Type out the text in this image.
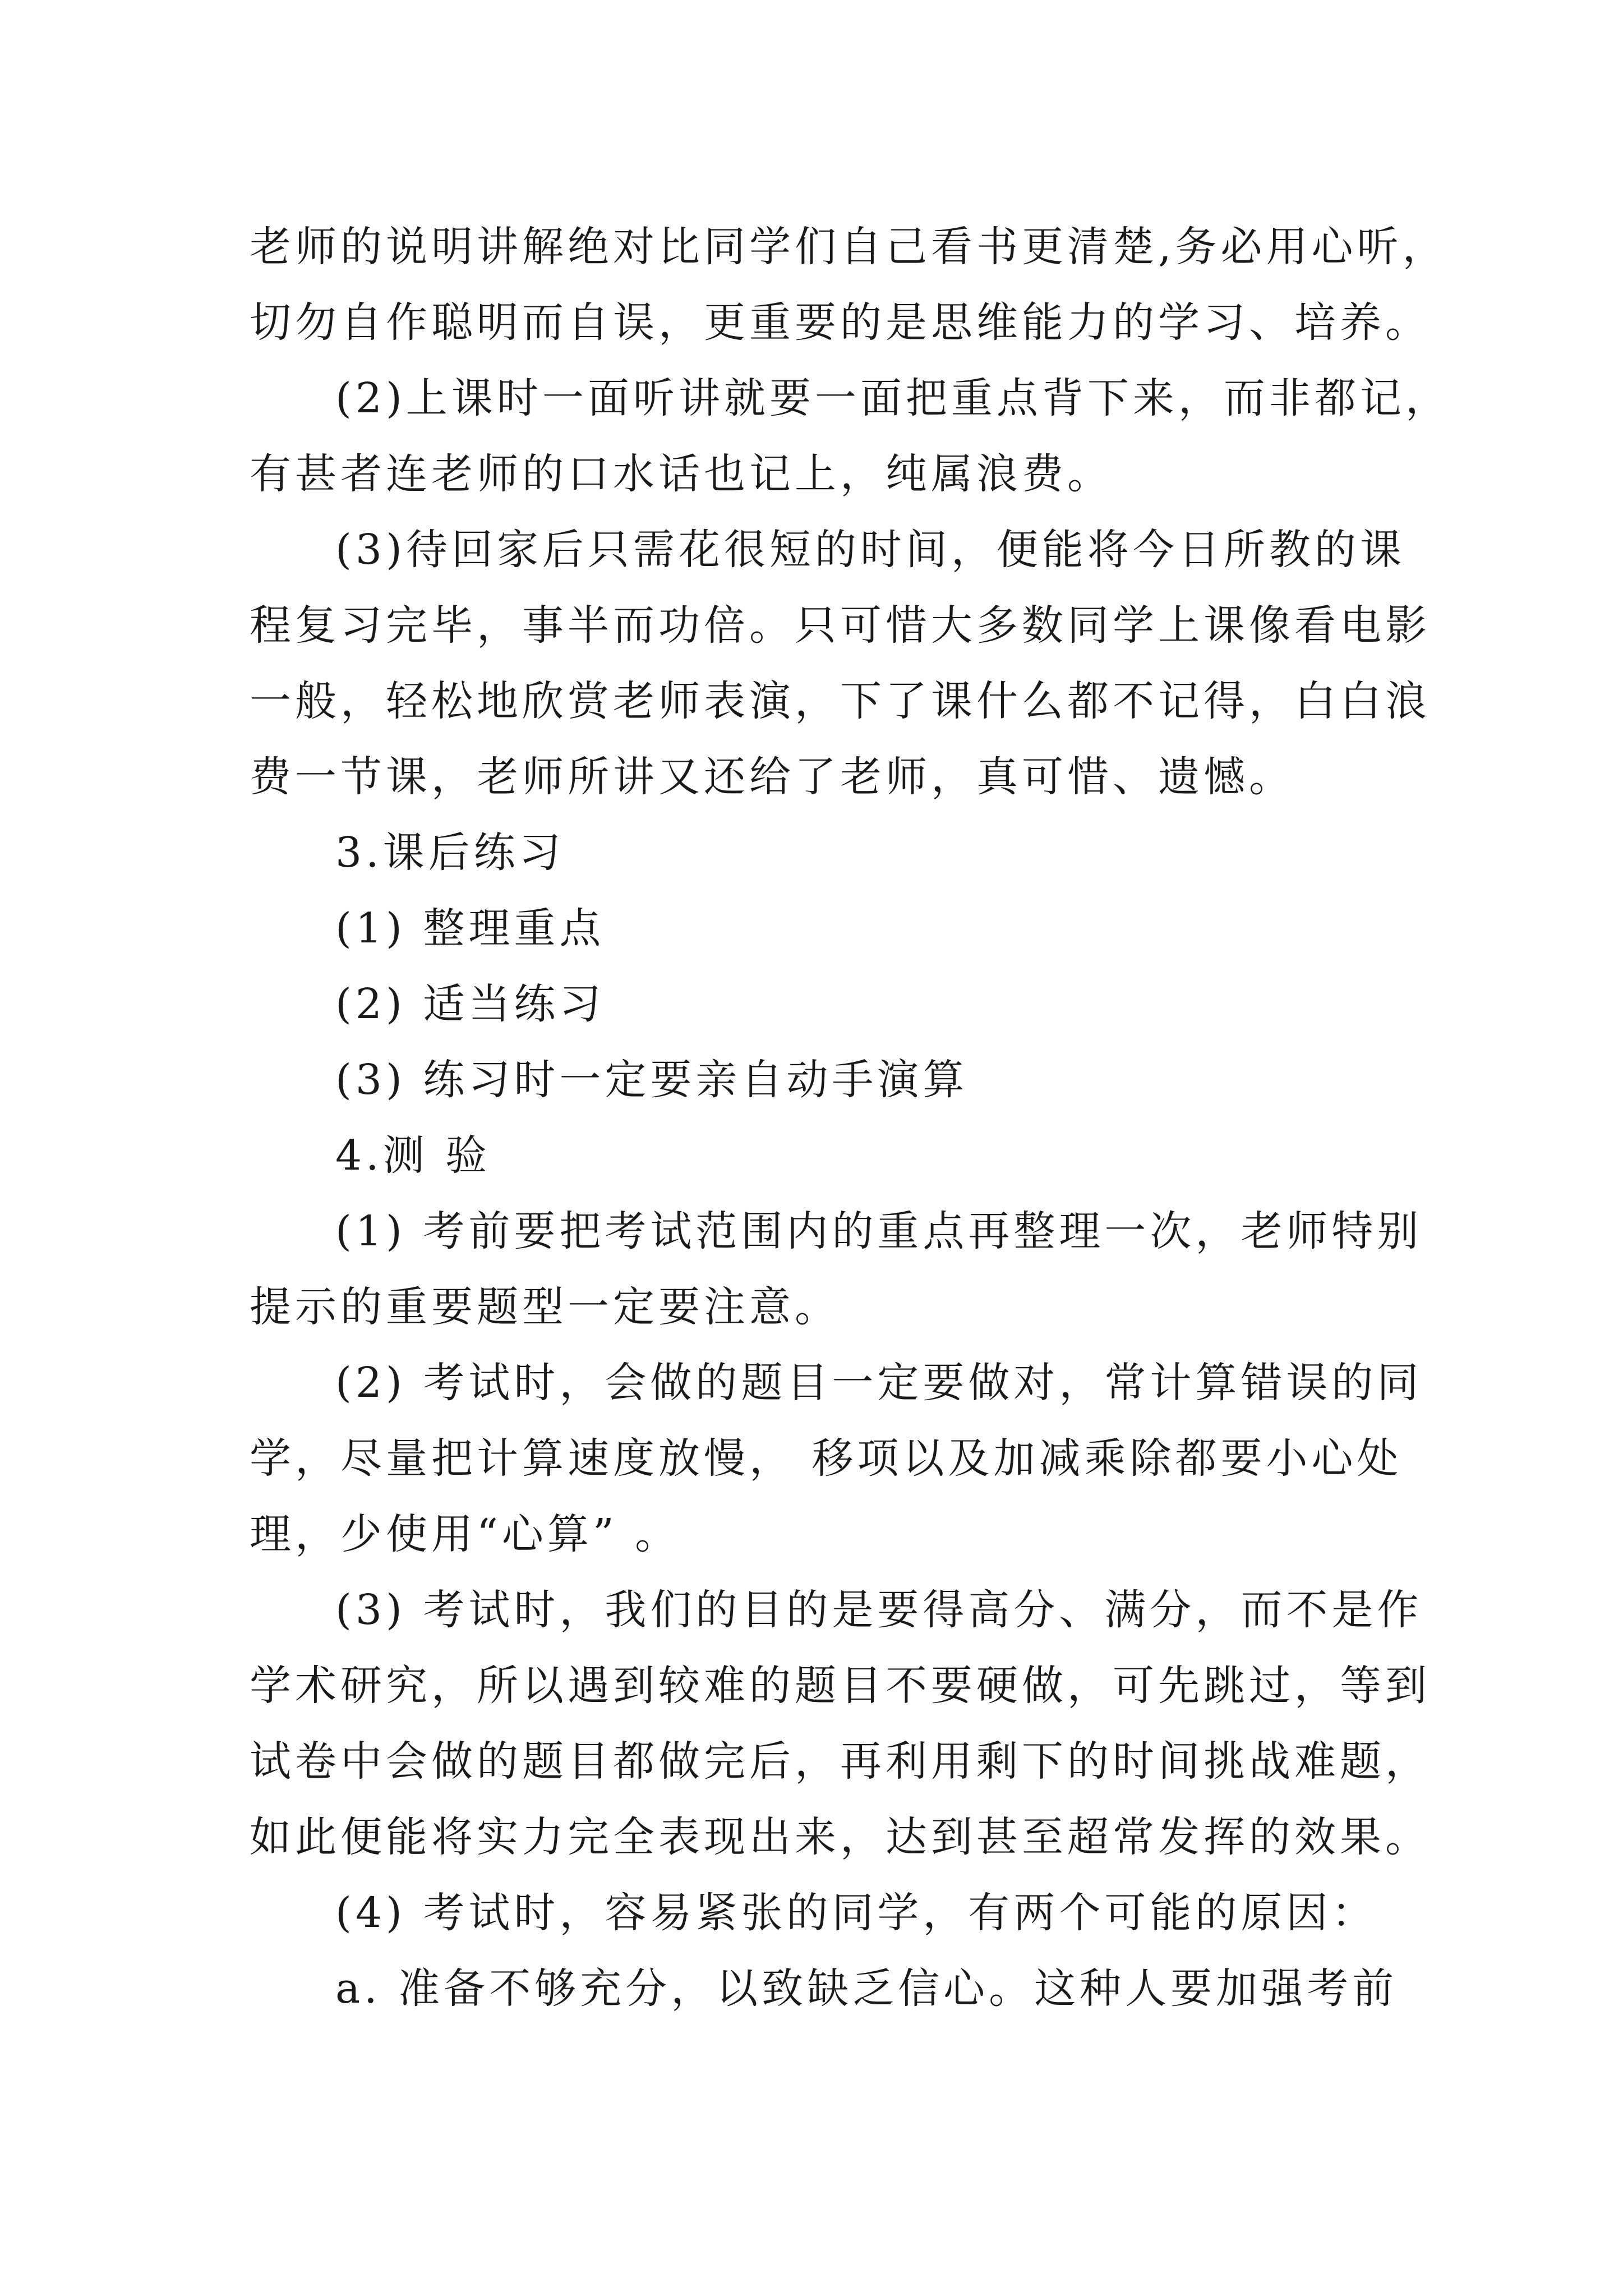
老师的说明讲解绝对比同学们自己看书更清楚,务必用心听，
切勿自作聪明而自误，更重要的是思维能力的学习、培养。
(2)上课时一面听讲就要一面把重点背下来，而非都记，
有甚者连老师的口水话也记上，纯属浪费。
(3)待回家后只需花很短的时间，便能将今日所教的课
程复习完毕，事半而功倍。只可惜大多数同学上课像看电影
一般，轻松地欣赏老师表演，下了课什么都不记得，白白浪
费一节课，老师所讲又还给了老师，真可惜、遗憾。
3.课后练习
(1) 整理重点
(2) 适当练习
(3) 练习时一定要亲自动手演算
4.测 验
(1) 考前要把考试范围内的重点再整理一次，老师特别
提示的重要题型一定要注意。
(2) 考试时，会做的题目一定要做对，常计算错误的同
学，尽量把计算速度放慢， 移项以及加减乘除都要小心处
理，少使用“心算” 。
(3) 考试时，我们的目的是要得高分、满分，而不是作
学术研究，所以遇到较难的题目不要硬做，可先跳过，等到
试卷中会做的题目都做完后，再利用剩下的时间挑战难题，
如此便能将实力完全表现出来，达到甚至超常发挥的效果。
(4) 考试时，容易紧张的同学，有两个可能的原因：
a. 准备不够充分，以致缺乏信心。这种人要加强考前
